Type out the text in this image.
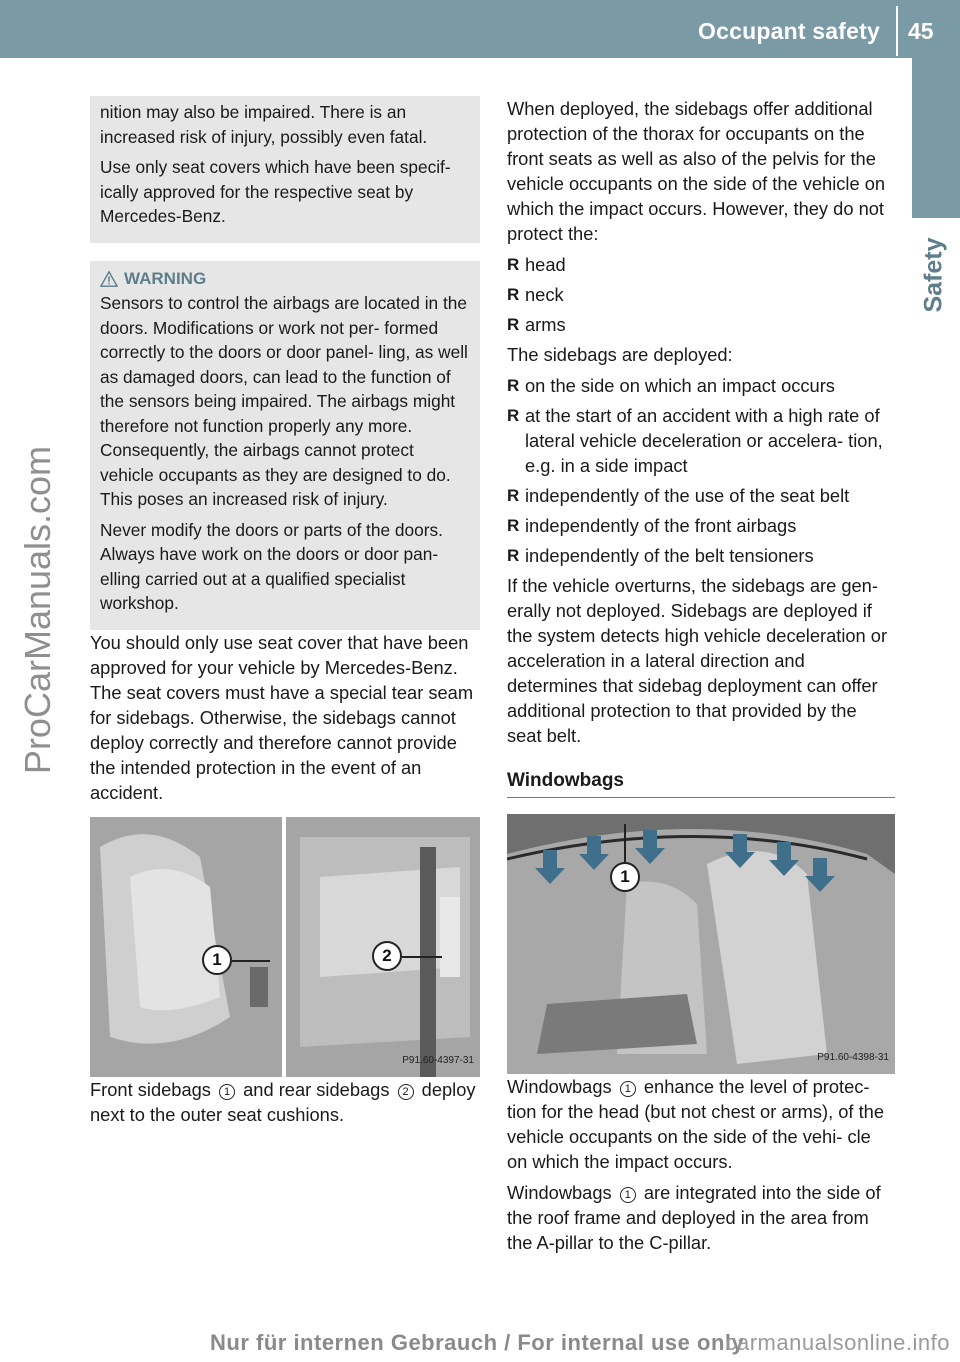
Occupant safety 45
Safety
ProCarManuals.com

nition may also be impaired. There is an increased risk of injury, possibly even fatal.

Use only seat covers which have been specif- ically approved for the respective seat by Mercedes-Benz.

WARNING

Sensors to control the airbags are located in the doors. Modifications or work not per- formed correctly to the doors or door panel- ling, as well as damaged doors, can lead to the function of the sensors being impaired. The airbags might therefore not function properly any more. Consequently, the airbags cannot protect vehicle occupants as they are designed to do. This poses an increased risk of injury.

Never modify the doors or parts of the doors. Always have work on the doors or door pan- elling carried out at a qualified specialist workshop.

You should only use seat cover that have been approved for your vehicle by Mercedes-Benz. The seat covers must have a special tear seam for sidebags. Otherwise, the sidebags cannot deploy correctly and therefore cannot provide the intended protection in the event of an accident.

1	2
P91.60-4397-31

Front sidebags 1 and rear sidebags 2 deploy next to the outer seat cushions.

When deployed, the sidebags offer additional protection of the thorax for occupants on the front seats as well as also of the pelvis for the vehicle occupants on the side of the vehicle on which the impact occurs. However, they do not protect the:

R head
R neck
R arms

The sidebags are deployed:

R on the side on which an impact occurs
R at the start of an accident with a high rate of lateral vehicle deceleration or accelera- tion, e.g. in a side impact
R independently of the use of the seat belt
R independently of the front airbags
R independently of the belt tensioners

If the vehicle overturns, the sidebags are gen- erally not deployed. Sidebags are deployed if the system detects high vehicle deceleration or acceleration in a lateral direction and determines that sidebag deployment can offer additional protection to that provided by the seat belt.

Windowbags
1
P91.60-4398-31

Windowbags 1 enhance the level of protec- tion for the head (but not chest or arms), of the vehicle occupants on the side of the vehi- cle on which the impact occurs.

Windowbags 1 are integrated into the side of the roof frame and deployed in the area from the A-pillar to the C-pillar.

Nur für internen Gebrauch / For internal use only
carmanualsonline.info
